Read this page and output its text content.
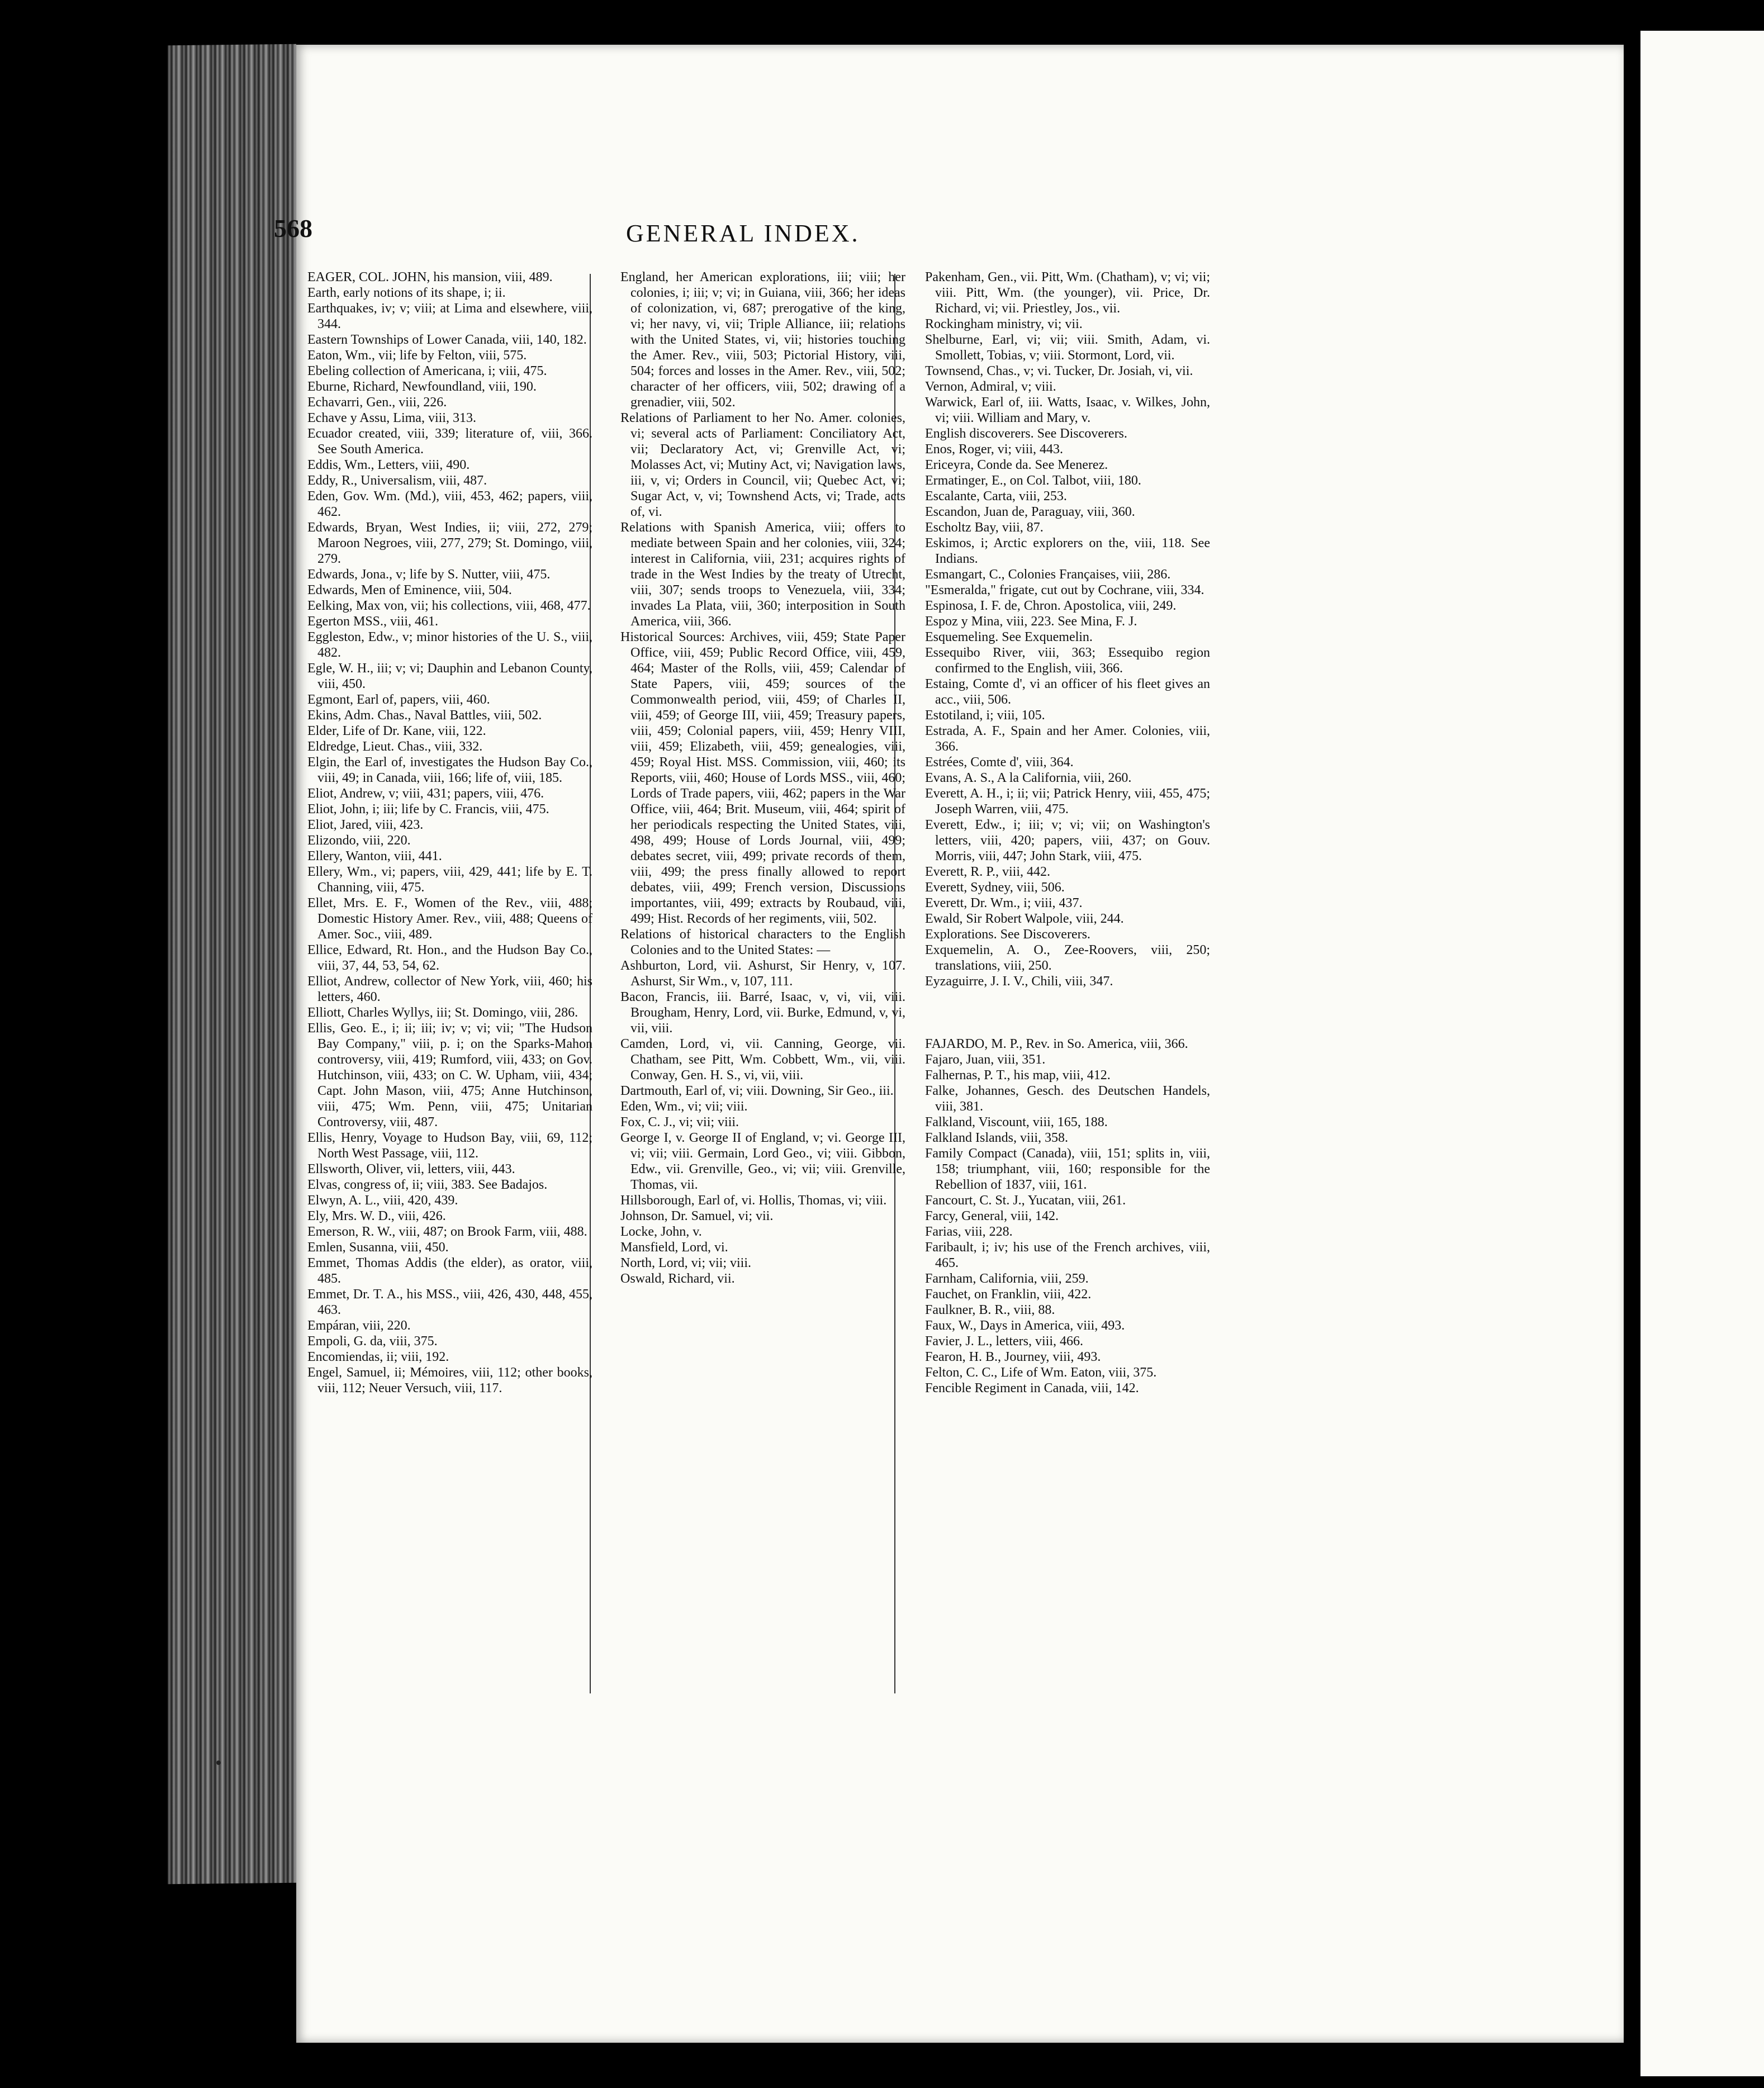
568	GENERAL INDEX.

EAGER, COL. JOHN, his mansion, viii, 489.

Earth, early notions of its shape, i; ii.

Earthquakes, iv; v; viii; at Lima and elsewhere, viii, 344.

Eastern Townships of Lower Canada, viii, 140, 182.

Eaton, Wm., vii; life by Felton, viii, 575.

Ebeling collection of Americana, i; viii, 475.

Eburne, Richard, Newfoundland, viii, 190.

Echavarri, Gen., viii, 226.

Echave y Assu, Lima, viii, 313.

Ecuador created, viii, 339; literature of, viii, 366. See South America.

Eddis, Wm., Letters, viii, 490.

Eddy, R., Universalism, viii, 487.

Eden, Gov. Wm. (Md.), viii, 453, 462; papers, viii, 462.

Edwards, Bryan, West Indies, ii; viii, 272, 279; Maroon Negroes, viii, 277, 279; St. Domingo, viii, 279.

Edwards, Jona., v; life by S. Nutter, viii, 475.

Edwards, Men of Eminence, viii, 504.

Eelking, Max von, vii; his collections, viii, 468, 477.

Egerton MSS., viii, 461.

Eggleston, Edw., v; minor histories of the U. S., viii, 482.

Egle, W. H., iii; v; vi; Dauphin and Lebanon County, viii, 450.

Egmont, Earl of, papers, viii, 460.

Ekins, Adm. Chas., Naval Battles, viii, 502.

Elder, Life of Dr. Kane, viii, 122.

Eldredge, Lieut. Chas., viii, 332.

Elgin, the Earl of, investigates the Hudson Bay Co., viii, 49; in Canada, viii, 166; life of, viii, 185.

Eliot, Andrew, v; viii, 431; papers, viii, 476.

Eliot, John, i; iii; life by C. Francis, viii, 475.

Eliot, Jared, viii, 423.

Elizondo, viii, 220.

Ellery, Wanton, viii, 441.

Ellery, Wm., vi; papers, viii, 429, 441; life by E. T. Channing, viii, 475.

Ellet, Mrs. E. F., Women of the Rev., viii, 488; Domestic History Amer. Rev., viii, 488; Queens of Amer. Soc., viii, 489.

Ellice, Edward, Rt. Hon., and the Hudson Bay Co., viii, 37, 44, 53, 54, 62.

Elliot, Andrew, collector of New York, viii, 460; his letters, 460.

Elliott, Charles Wyllys, iii; St. Domingo, viii, 286.

Ellis, Geo. E., i; ii; iii; iv; v; vi; vii; "The Hudson Bay Company," viii, p. i; on the Sparks-Mahon controversy, viii, 419; Rumford, viii, 433; on Gov. Hutchinson, viii, 433; on C. W. Upham, viii, 434; Capt. John Mason, viii, 475; Anne Hutchinson, viii, 475; Wm. Penn, viii, 475; Unitarian Controversy, viii, 487.

Ellis, Henry, Voyage to Hudson Bay, viii, 69, 112; North West Passage, viii, 112.

Ellsworth, Oliver, vii, letters, viii, 443.

Elvas, congress of, ii; viii, 383. See Badajos.

Elwyn, A. L., viii, 420, 439.

Ely, Mrs. W. D., viii, 426.

Emerson, R. W., viii, 487; on Brook Farm, viii, 488.

Emlen, Susanna, viii, 450.

Emmet, Thomas Addis (the elder), as orator, viii, 485.

Emmet, Dr. T. A., his MSS., viii, 426, 430, 448, 455, 463.

Empáran, viii, 220.

Empoli, G. da, viii, 375.

Encomiendas, ii; viii, 192.

Engel, Samuel, ii; Mémoires, viii, 112; other books, viii, 112; Neuer Versuch, viii, 117.

England, her American explorations, iii; viii; her colonies, i; iii; v; vi; in Guiana, viii, 366; her ideas of colonization, vi, 687; prerogative of the king, vi; her navy, vi, vii; Triple Alliance, iii; relations with the United States, vi, vii; histories touching the Amer. Rev., viii, 503; Pictorial History, viii, 504; forces and losses in the Amer. Rev., viii, 502; character of her officers, viii, 502; drawing of a grenadier, viii, 502.

Relations of Parliament to her No. Amer. colonies, vi; several acts of Parliament: Conciliatory Act, vii; Declaratory Act, vi; Grenville Act, vi; Molasses Act, vi; Mutiny Act, vi; Navigation laws, iii, v, vi; Orders in Council, vii; Quebec Act, vi; Sugar Act, v, vi; Townshend Acts, vi; Trade, acts of, vi.

Relations with Spanish America, viii; offers to mediate between Spain and her colonies, viii, 324; interest in California, viii, 231; acquires rights of trade in the West Indies by the treaty of Utrecht, viii, 307; sends troops to Venezuela, viii, 334; invades La Plata, viii, 360; interposition in South America, viii, 366.

Historical Sources: Archives, viii, 459; State Paper Office, viii, 459; Public Record Office, viii, 459, 464; Master of the Rolls, viii, 459; Calendar of State Papers, viii, 459; sources of the Commonwealth period, viii, 459; of Charles II, viii, 459; of George III, viii, 459; Treasury papers, viii, 459; Colonial papers, viii, 459; Henry VIII, viii, 459; Elizabeth, viii, 459; genealogies, viii, 459; Royal Hist. MSS. Commission, viii, 460; its Reports, viii, 460; House of Lords MSS., viii, 460; Lords of Trade papers, viii, 462; papers in the War Office, viii, 464; Brit. Museum, viii, 464; spirit of her periodicals respecting the United States, viii, 498, 499; House of Lords Journal, viii, 499; debates secret, viii, 499; private records of them, viii, 499; the press finally allowed to report debates, viii, 499; French version, Discussions importantes, viii, 499; extracts by Roubaud, viii, 499; Hist. Records of her regiments, viii, 502.

Relations of historical characters to the English Colonies and to the United States: —

Ashburton, Lord, vii. Ashurst, Sir Henry, v, 107. Ashurst, Sir Wm., v, 107, 111.

Bacon, Francis, iii. Barré, Isaac, v, vi, vii, viii. Brougham, Henry, Lord, vii. Burke, Edmund, v, vi, vii, viii.

Camden, Lord, vi, vii. Canning, George, vii. Chatham, see Pitt, Wm. Cobbett, Wm., vii, viii. Conway, Gen. H. S., vi, vii, viii.

Dartmouth, Earl of, vi; viii. Downing, Sir Geo., iii.

Eden, Wm., vi; vii; viii.

Fox, C. J., vi; vii; viii.

George I, v. George II of England, v; vi. George III, vi; vii; viii. Germain, Lord Geo., vi; viii. Gibbon, Edw., vii. Grenville, Geo., vi; vii; viii. Grenville, Thomas, vii.

Hillsborough, Earl of, vi. Hollis, Thomas, vi; viii.

Johnson, Dr. Samuel, vi; vii.

Locke, John, v.

Mansfield, Lord, vi.

North, Lord, vi; vii; viii.

Oswald, Richard, vii.

Pakenham, Gen., vii. Pitt, Wm. (Chatham), v; vi; vii; viii. Pitt, Wm. (the younger), vii. Price, Dr. Richard, vi; vii. Priestley, Jos., vii.

Rockingham ministry, vi; vii.

Shelburne, Earl, vi; vii; viii. Smith, Adam, vi. Smollett, Tobias, v; viii. Stormont, Lord, vii.

Townsend, Chas., v; vi. Tucker, Dr. Josiah, vi, vii.

Vernon, Admiral, v; viii.

Warwick, Earl of, iii. Watts, Isaac, v. Wilkes, John, vi; viii. William and Mary, v.

English discoverers. See Discoverers.

Enos, Roger, vi; viii, 443.

Ericeyra, Conde da. See Menerez.

Ermatinger, E., on Col. Talbot, viii, 180.

Escalante, Carta, viii, 253.

Escandon, Juan de, Paraguay, viii, 360.

Escholtz Bay, viii, 87.

Eskimos, i; Arctic explorers on the, viii, 118. See Indians.

Esmangart, C., Colonies Françaises, viii, 286.

"Esmeralda," frigate, cut out by Cochrane, viii, 334.

Espinosa, I. F. de, Chron. Apostolica, viii, 249.

Espoz y Mina, viii, 223. See Mina, F. J.

Esquemeling. See Exquemelin.

Essequibo River, viii, 363; Essequibo region confirmed to the English, viii, 366.

Estaing, Comte d', vi an officer of his fleet gives an acc., viii, 506.

Estotiland, i; viii, 105.

Estrada, A. F., Spain and her Amer. Colonies, viii, 366.

Estrées, Comte d', viii, 364.

Evans, A. S., A la California, viii, 260.

Everett, A. H., i; ii; vii; Patrick Henry, viii, 455, 475; Joseph Warren, viii, 475.

Everett, Edw., i; iii; v; vi; vii; on Washington's letters, viii, 420; papers, viii, 437; on Gouv. Morris, viii, 447; John Stark, viii, 475.

Everett, R. P., viii, 442.

Everett, Sydney, viii, 506.

Everett, Dr. Wm., i; viii, 437.

Ewald, Sir Robert Walpole, viii, 244.

Explorations. See Discoverers.

Exquemelin, A. O., Zee-Roovers, viii, 250; translations, viii, 250.

Eyzaguirre, J. I. V., Chili, viii, 347.

FAJARDO, M. P., Rev. in So. America, viii, 366.

Fajaro, Juan, viii, 351.

Falhernas, P. T., his map, viii, 412.

Falke, Johannes, Gesch. des Deutschen Handels, viii, 381.

Falkland, Viscount, viii, 165, 188.

Falkland Islands, viii, 358.

Family Compact (Canada), viii, 151; splits in, viii, 158; triumphant, viii, 160; responsible for the Rebellion of 1837, viii, 161.

Fancourt, C. St. J., Yucatan, viii, 261.

Farcy, General, viii, 142.

Farias, viii, 228.

Faribault, i; iv; his use of the French archives, viii, 465.

Farnham, California, viii, 259.

Fauchet, on Franklin, viii, 422.

Faulkner, B. R., viii, 88.

Faux, W., Days in America, viii, 493.

Favier, J. L., letters, viii, 466.

Fearon, H. B., Journey, viii, 493.

Felton, C. C., Life of Wm. Eaton, viii, 375.

Fencible Regiment in Canada, viii, 142.
